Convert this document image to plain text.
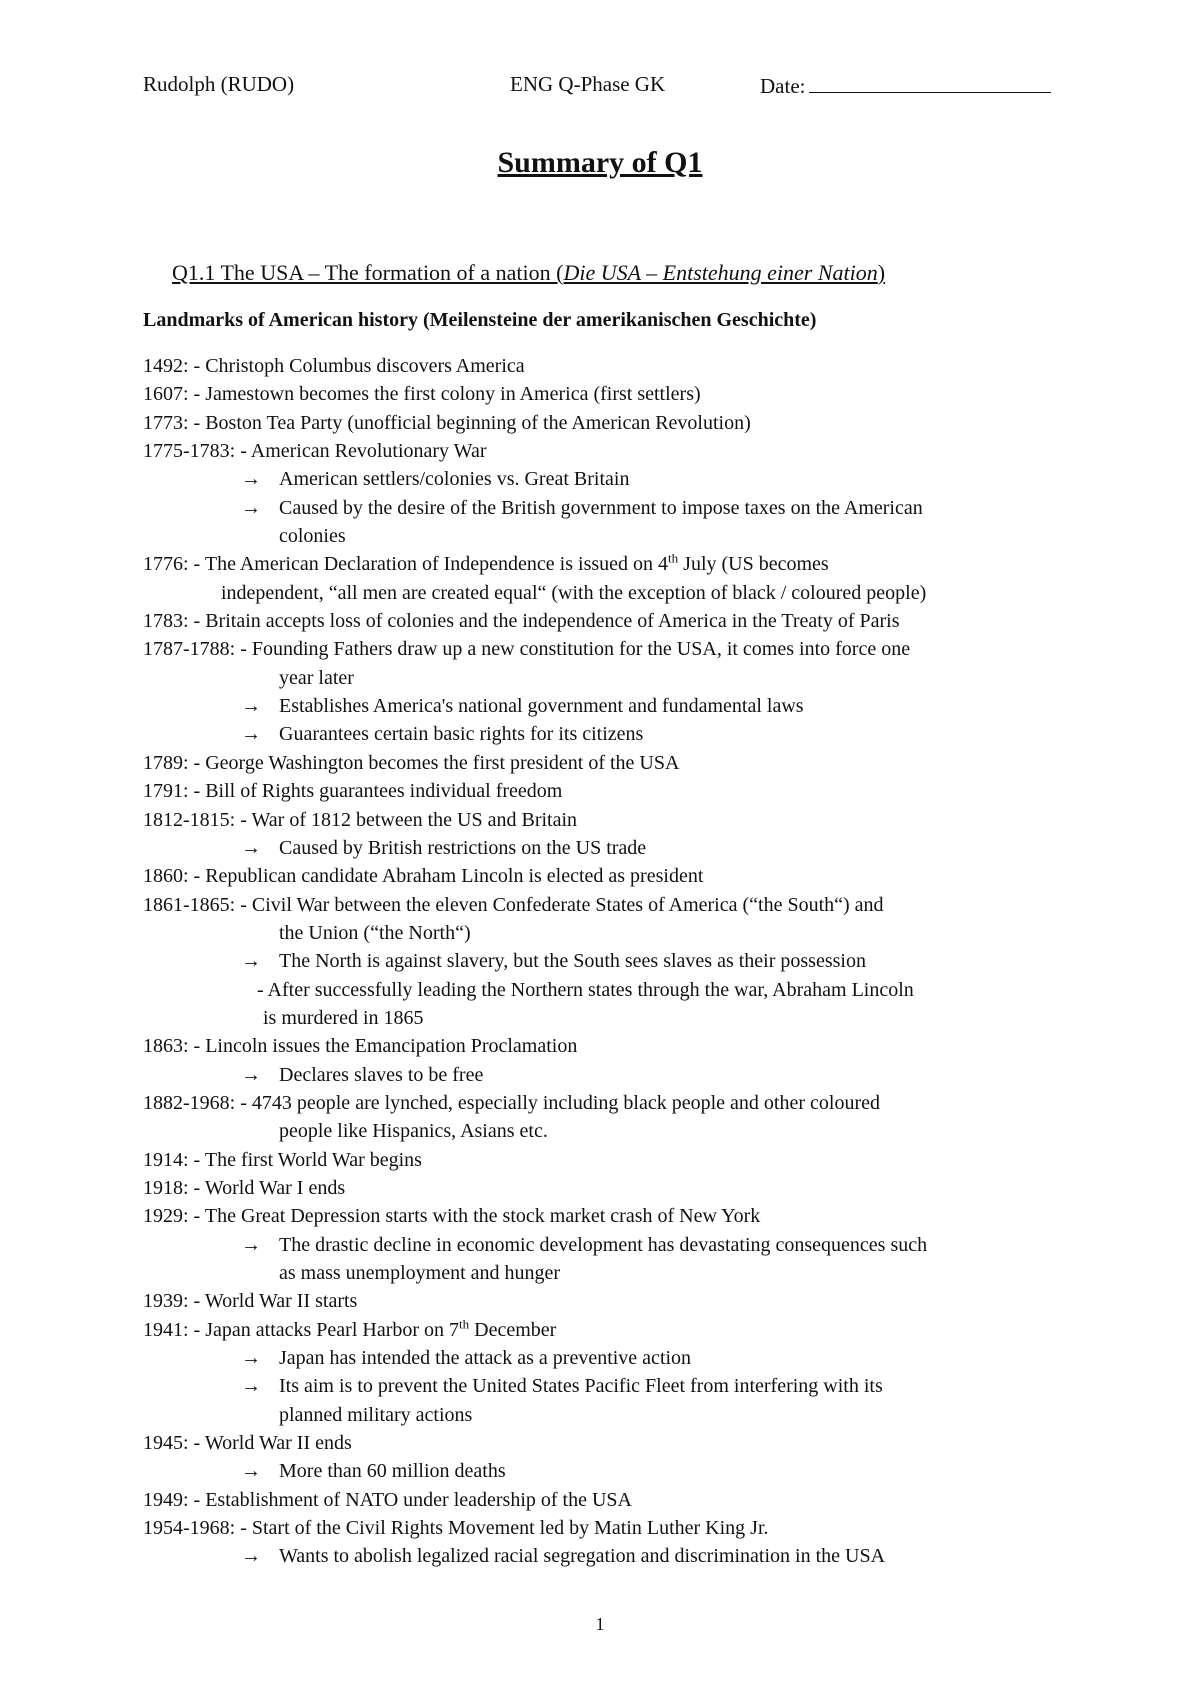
Rudolph (RUDO)	ENG Q-Phase GK	Date:
Summary of Q1
Q1.1 The USA – The formation of a nation (Die USA – Entstehung einer Nation)
Landmarks of American history (Meilensteine der amerikanischen Geschichte)
1492: - Christoph Columbus discovers America
1607: - Jamestown becomes the first colony in America (first settlers)
1773: - Boston Tea Party (unofficial beginning of the American Revolution)
1775-1783: - American Revolutionary War
→ American settlers/colonies vs. Great Britain
→ Caused by the desire of the British government to impose taxes on the American
colonies
1776: - The American Declaration of Independence is issued on 4th July (US becomes
independent, “all men are created equal“ (with the exception of black / coloured people)
1783: - Britain accepts loss of colonies and the independence of America in the Treaty of Paris
1787-1788: - Founding Fathers draw up a new constitution for the USA, it comes into force one
year later
→ Establishes America's national government and fundamental laws
→ Guarantees certain basic rights for its citizens
1789: - George Washington becomes the first president of the USA
1791: - Bill of Rights guarantees individual freedom
1812-1815: - War of 1812 between the US and Britain
→ Caused by British restrictions on the US trade
1860: - Republican candidate Abraham Lincoln is elected as president
1861-1865: - Civil War between the eleven Confederate States of America (“the South“) and
the Union (“the North“)
→ The North is against slavery, but the South sees slaves as their possession
- After successfully leading the Northern states through the war, Abraham Lincoln
is murdered in 1865
1863: - Lincoln issues the Emancipation Proclamation
→ Declares slaves to be free
1882-1968: - 4743 people are lynched, especially including black people and other coloured
people like Hispanics, Asians etc.
1914: - The first World War begins
1918: - World War I ends
1929: - The Great Depression starts with the stock market crash of New York
→ The drastic decline in economic development has devastating consequences such
as mass unemployment and hunger
1939: - World War II starts
1941: - Japan attacks Pearl Harbor on 7th December
→ Japan has intended the attack as a preventive action
→ Its aim is to prevent the United States Pacific Fleet from interfering with its
planned military actions
1945: - World War II ends
→ More than 60 million deaths
1949: - Establishment of NATO under leadership of the USA
1954-1968: - Start of the Civil Rights Movement led by Matin Luther King Jr.
→ Wants to abolish legalized racial segregation and discrimination in the USA
1
